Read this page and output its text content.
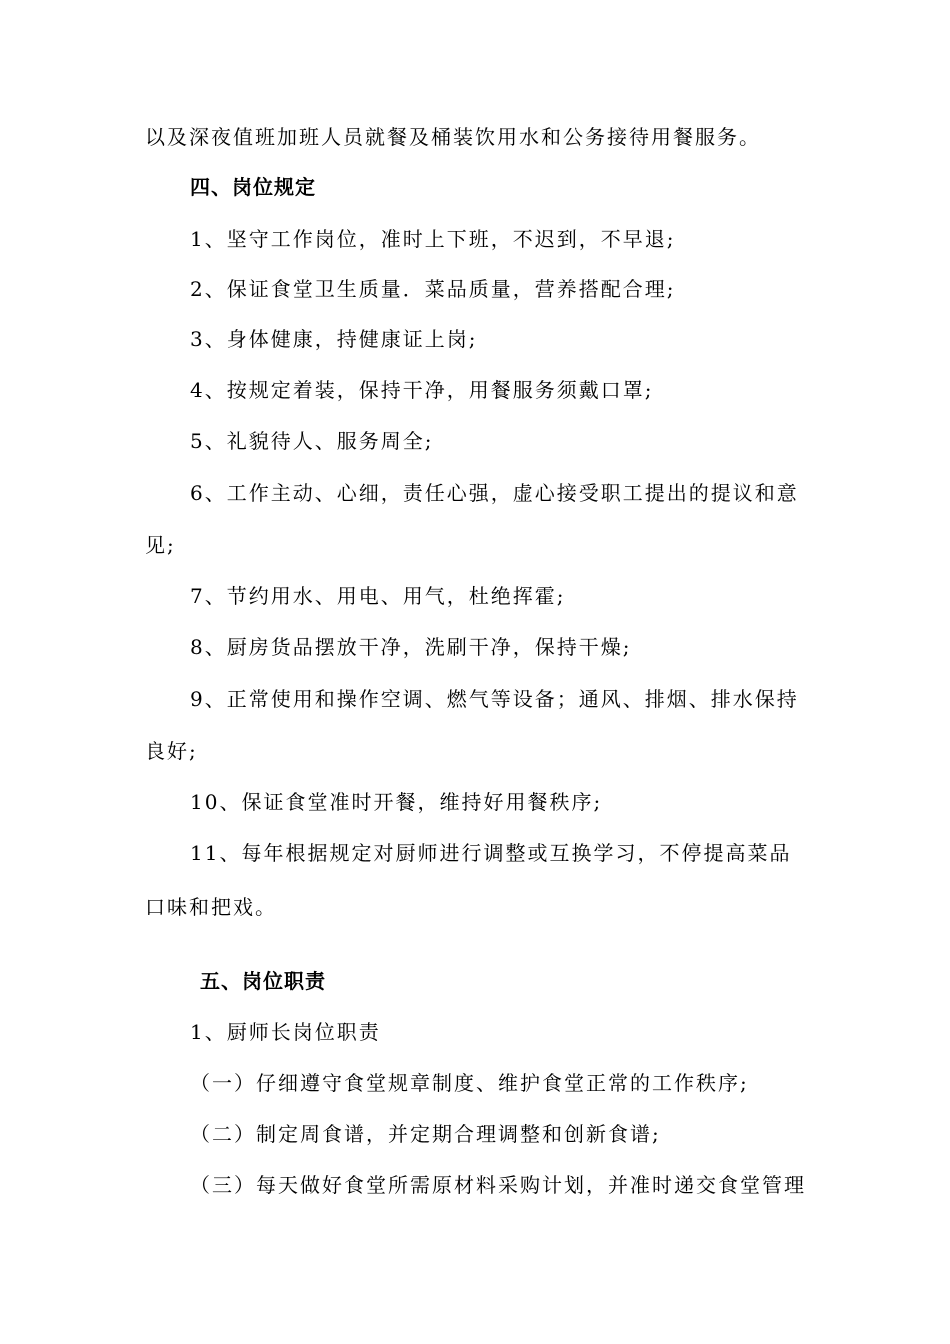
以及深夜值班加班人员就餐及桶装饮用水和公务接待用餐服务。
四、岗位规定
1、坚守工作岗位，准时上下班，不迟到，不早退;
2、保证食堂卫生质量．菜品质量，营养搭配合理;
3、身体健康，持健康证上岗;
4、按规定着装，保持干净，用餐服务须戴口罩;
5、礼貌待人、服务周全;
6、工作主动、心细，责任心强，虚心接受职工提出的提议和意
见;
7、节约用水、用电、用气，杜绝挥霍;
8、厨房货品摆放干净，洗刷干净，保持干燥;
9、正常使用和操作空调、燃气等设备；通风、排烟、排水保持
良好;
10、保证食堂准时开餐，维持好用餐秩序;
11、每年根据规定对厨师进行调整或互换学习，不停提高菜品
口味和把戏。
五、岗位职责
1、厨师长岗位职责
（一）仔细遵守食堂规章制度、维护食堂正常的工作秩序;
（二）制定周食谱，并定期合理调整和创新食谱;
（三）每天做好食堂所需原材料采购计划，并准时递交食堂管理
